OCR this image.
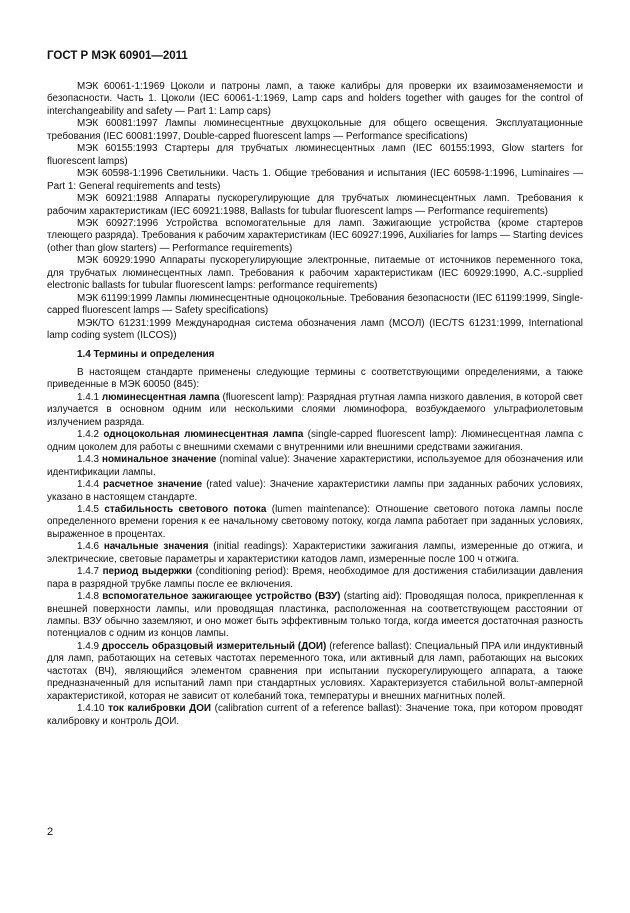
ГОСТ Р МЭК 60901—2011

МЭК 60061-1:1969 Цоколи и патроны ламп, а также калибры для проверки их взаимозаменяемости и безопасности. Часть 1. Цоколи (IEC 60061-1:1969, Lamp caps and holders together with gauges for the control of interchangeability and safety — Part 1: Lamp caps)

МЭК 60081:1997 Лампы люминесцентные двухцокольные для общего освещения. Эксплуатационные требования (IEC 60081:1997, Double-capped fluorescent lamps — Performance specifications)

МЭК 60155:1993 Стартеры для трубчатых люминесцентных ламп (IEC 60155:1993, Glow starters for fluorescent lamps)

МЭК 60598-1:1996 Светильники. Часть 1. Общие требования и испытания (IEC 60598-1:1996, Luminaires — Part 1: General requirements and tests)

МЭК 60921:1988 Аппараты пускорегулирующие для трубчатых люминесцентных ламп. Требования к рабочим характеристикам (IEC 60921:1988, Ballasts for tubular fluorescent lamps — Performance requirements)

МЭК 60927:1996 Устройства вспомогательные для ламп. Зажигающие устройства (кроме стартеров тлеющего разряда). Требования к рабочим характеристикам (IEC 60927:1996, Auxiliaries for lamps — Starting devices (other than glow starters) — Performance requirements)

МЭК 60929:1990 Аппараты пускорегулирующие электронные, питаемые от источников переменного тока, для трубчатых люминесцентных ламп. Требования к рабочим характеристикам (IEC 60929:1990, A.C.-supplied electronic ballasts for tubular fluorescent lamps: performance requirements)

МЭК 61199:1999 Лампы люминесцентные одноцокольные. Требования безопасности (IEC 61199:1999, Single-capped fluorescent lamps — Safety specifications)

МЭК/ТО 61231:1999 Международная система обозначения ламп (МСОЛ) (IEC/TS 61231:1999, International lamp coding system (ILCOS))

1.4 Термины и определения

В настоящем стандарте применены следующие термины с соответствующими определениями, а также приведенные в МЭК 60050 (845):

1.4.1 люминесцентная лампа (fluorescent lamp): Разрядная ртутная лампа низкого давления, в которой свет излучается в основном одним или несколькими слоями люминофора, возбуждаемого ультрафиолетовым излучением разряда.

1.4.2 одноцокольная люминесцентная лампа (single-capped fluorescent lamp): Люминесцентная лампа с одним цоколем для работы с внешними схемами с внутренними или внешними средствами зажигания.

1.4.3 номинальное значение (nominal value): Значение характеристики, используемое для обозначения или идентификации лампы.

1.4.4 расчетное значение (rated value): Значение характеристики лампы при заданных рабочих условиях, указано в настоящем стандарте.

1.4.5 стабильность светового потока (lumen maintenance): Отношение светового потока лампы после определенного времени горения к ее начальному световому потоку, когда лампа работает при заданных условиях, выраженное в процентах.

1.4.6 начальные значения (initial readings): Характеристики зажигания лампы, измеренные до отжига, и электрические, световые параметры и характеристики катодов ламп, измеренные после 100 ч отжига.

1.4.7 период выдержки (conditioning period): Время, необходимое для достижения стабилизации давления пара в разрядной трубке лампы после ее включения.

1.4.8 вспомогательное зажигающее устройство (ВЗУ) (starting aid): Проводящая полоса, прикрепленная к внешней поверхности лампы, или проводящая пластинка, расположенная на соответствующем расстоянии от лампы. ВЗУ обычно заземляют, и оно может быть эффективным только тогда, когда имеется достаточная разность потенциалов с одним из концов лампы.

1.4.9 дроссель образцовый измерительный (ДОИ) (reference ballast): Специальный ПРА или индуктивный для ламп, работающих на сетевых частотах переменного тока, или активный для ламп, работающих на высоких частотах (ВЧ), являющийся элементом сравнения при испытании пускорегулирующего аппарата, а также предназначенный для испытаний ламп при стандартных условиях. Характеризуется стабильной вольт-амперной характеристикой, которая не зависит от колебаний тока, температуры и внешних магнитных полей.

1.4.10 ток калибровки ДОИ (calibration current of a reference ballast): Значение тока, при котором проводят калибровку и контроль ДОИ.

2
